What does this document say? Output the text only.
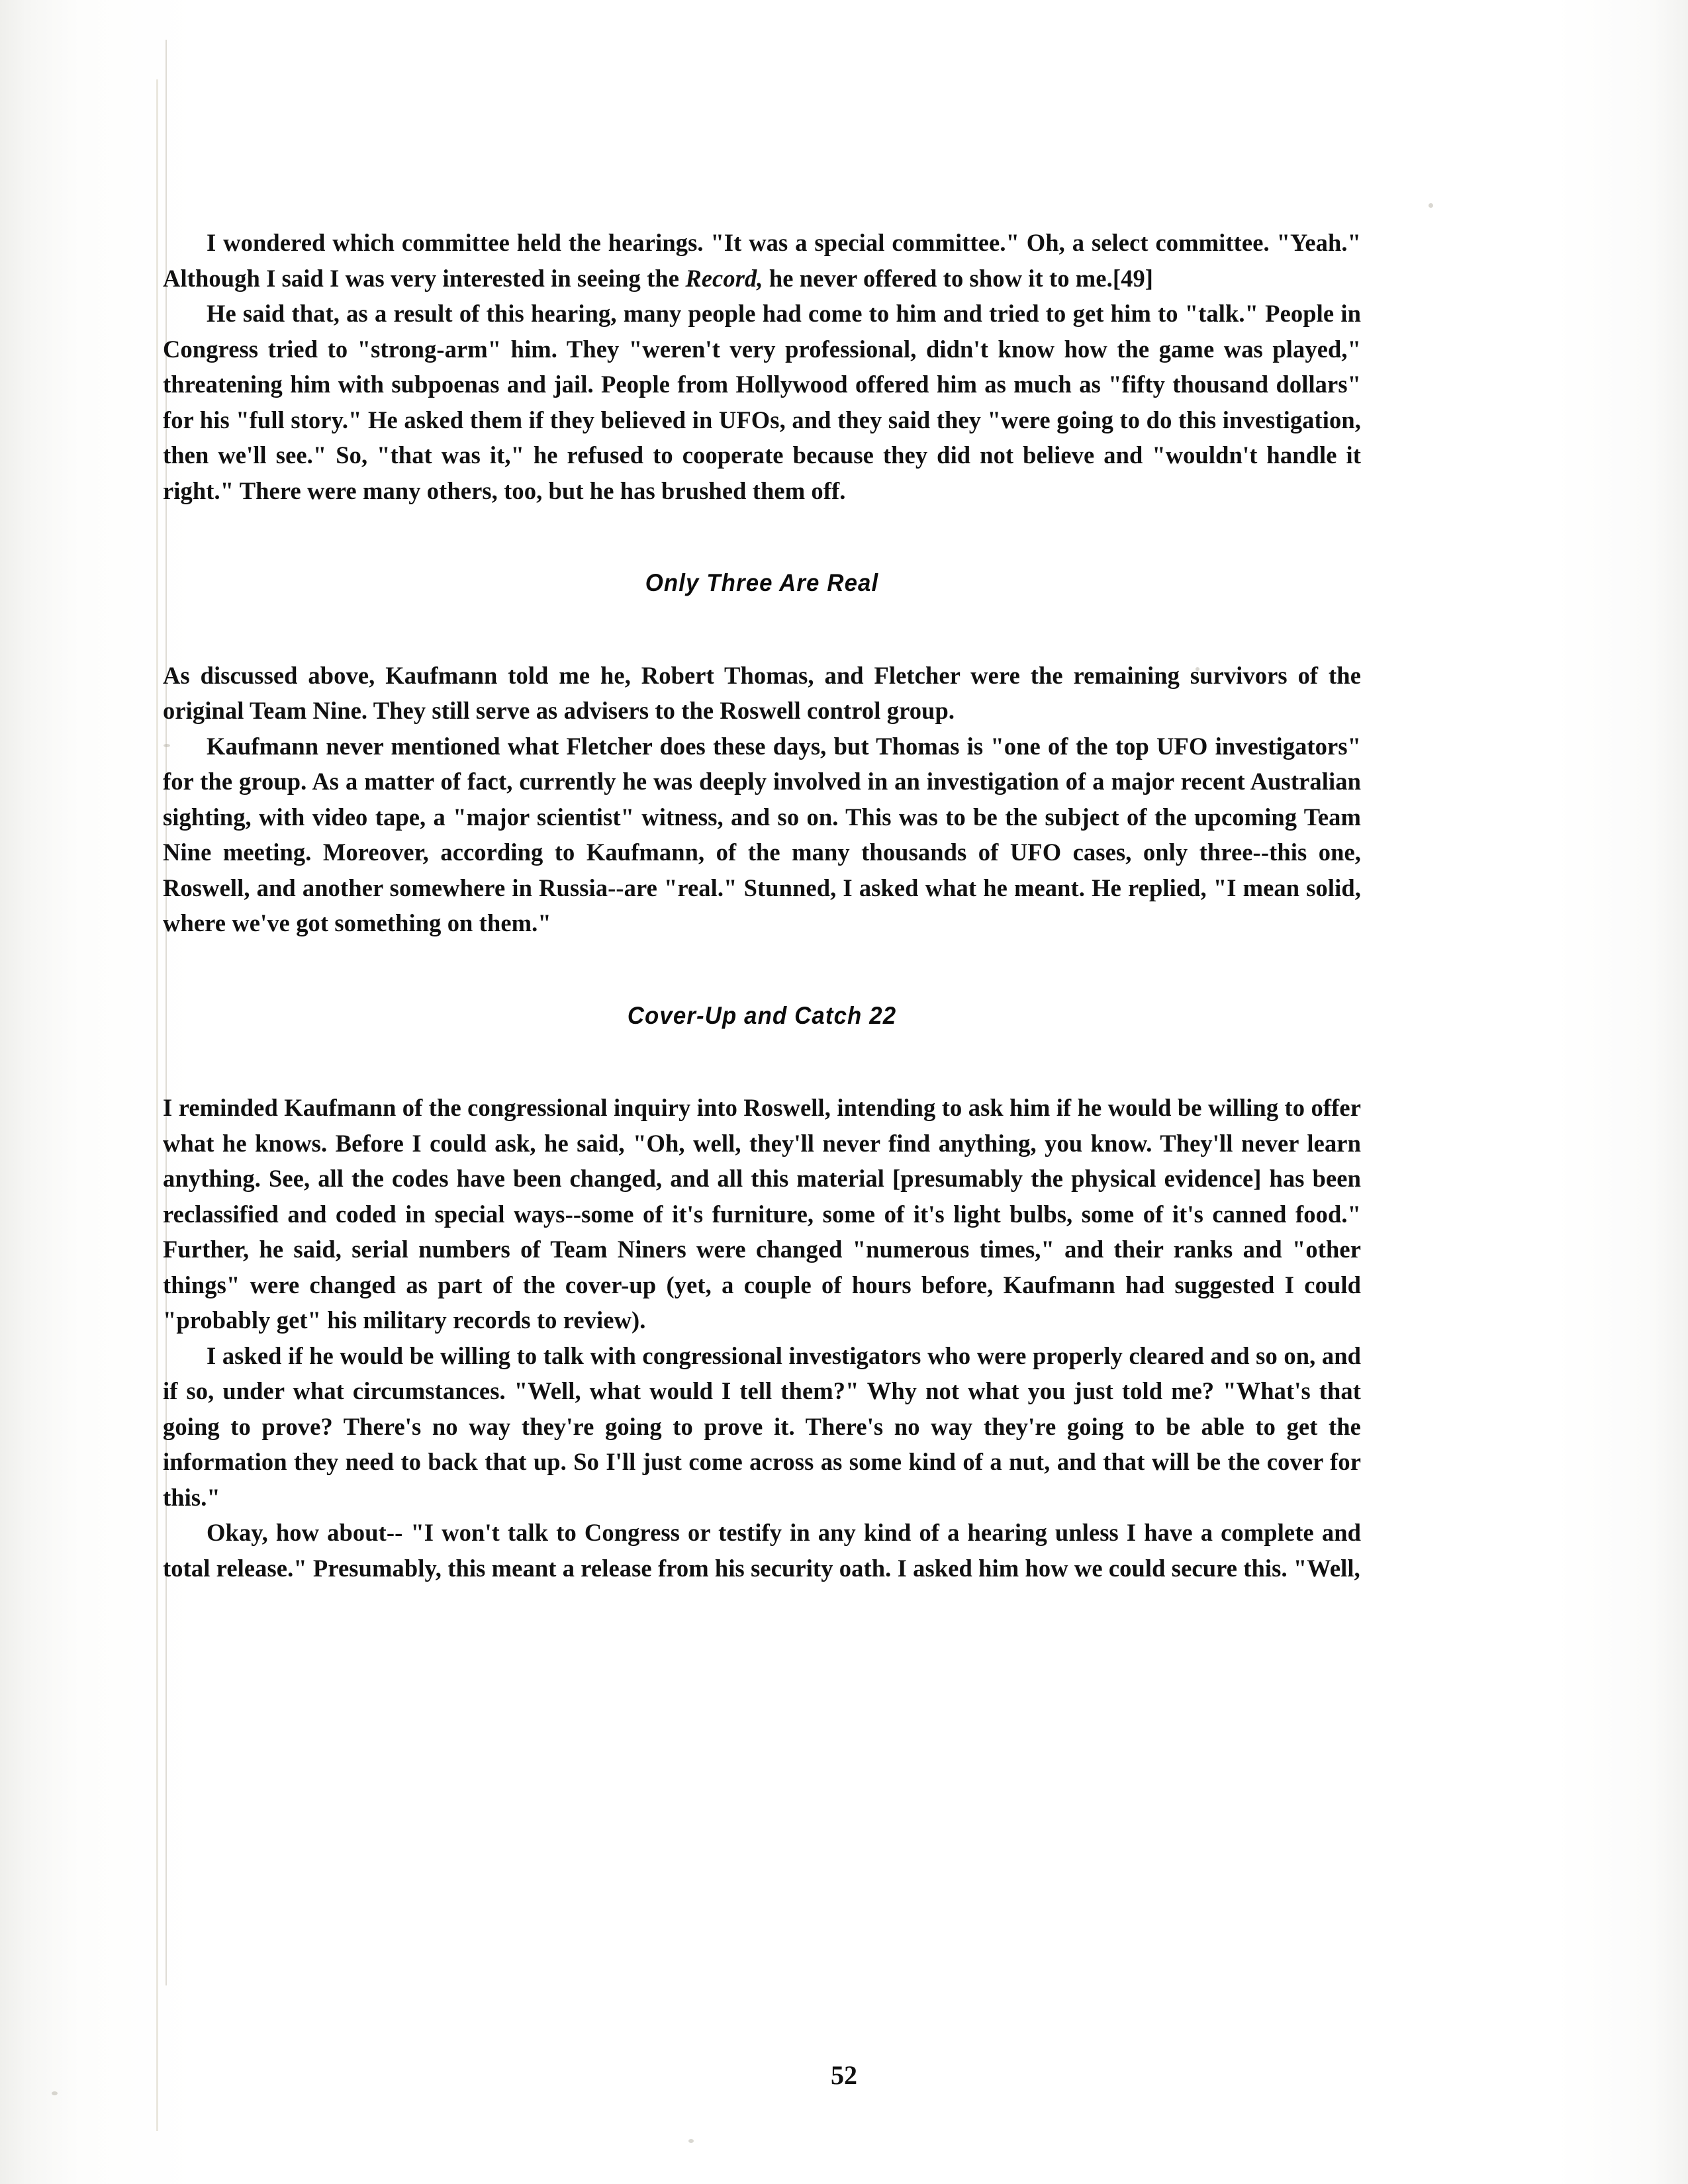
I wondered which committee held the hearings. "It was a special committee." Oh, a select committee. "Yeah." Although I said I was very interested in seeing the Record, he never offered to show it to me.[49]

He said that, as a result of this hearing, many people had come to him and tried to get him to "talk." People in Congress tried to "strong-arm" him. They "weren't very professional, didn't know how the game was played," threatening him with subpoenas and jail. People from Hollywood offered him as much as "fifty thousand dollars" for his "full story." He asked them if they believed in UFOs, and they said they "were going to do this investigation, then we'll see." So, "that was it," he refused to cooperate because they did not believe and "wouldn't handle it right." There were many others, too, but he has brushed them off.

Only Three Are Real

As discussed above, Kaufmann told me he, Robert Thomas, and Fletcher were the remaining survivors of the original Team Nine. They still serve as advisers to the Roswell control group.

Kaufmann never mentioned what Fletcher does these days, but Thomas is "one of the top UFO investigators" for the group. As a matter of fact, currently he was deeply involved in an investigation of a major recent Australian sighting, with video tape, a "major scientist" witness, and so on. This was to be the subject of the upcoming Team Nine meeting. Moreover, according to Kaufmann, of the many thousands of UFO cases, only three--this one, Roswell, and another somewhere in Russia--are "real." Stunned, I asked what he meant. He replied, "I mean solid, where we've got something on them."

Cover-Up and Catch 22

I reminded Kaufmann of the congressional inquiry into Roswell, intending to ask him if he would be willing to offer what he knows. Before I could ask, he said, "Oh, well, they'll never find anything, you know. They'll never learn anything. See, all the codes have been changed, and all this material [presumably the physical evidence] has been reclassified and coded in special ways--some of it's furniture, some of it's light bulbs, some of it's canned food." Further, he said, serial numbers of Team Niners were changed "numerous times," and their ranks and "other things" were changed as part of the cover-up (yet, a couple of hours before, Kaufmann had suggested I could "probably get" his military records to review).

I asked if he would be willing to talk with congressional investigators who were properly cleared and so on, and if so, under what circumstances. "Well, what would I tell them?" Why not what you just told me? "What's that going to prove? There's no way they're going to prove it. There's no way they're going to be able to get the information they need to back that up. So I'll just come across as some kind of a nut, and that will be the cover for this."

Okay, how about-- "I won't talk to Congress or testify in any kind of a hearing unless I have a complete and total release." Presumably, this meant a release from his security oath. I asked him how we could secure this. "Well,

52
